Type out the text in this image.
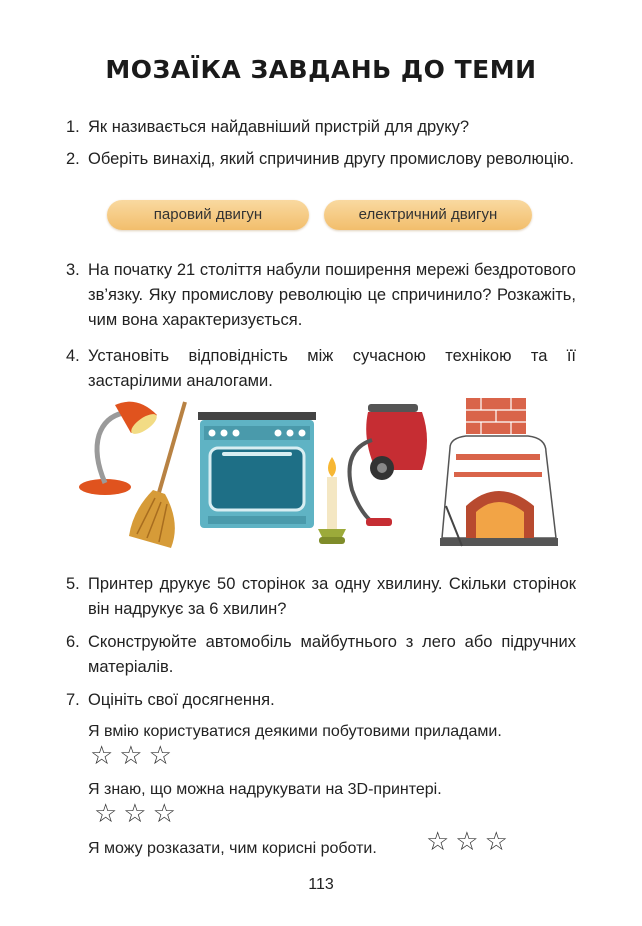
МОЗАЇКА ЗАВДАНЬ ДО ТЕМИ
1. Як називається найдавніший пристрій для друку?
2. Оберіть винахід, який спричинив другу промислову революцію.
паровий двигун	електричний двигун
3. На початку 21 століття набули поширення мережі бездротового зв’язку. Яку промислову революцію це спричинило? Розкажіть, чим вона характеризується.
4. Установіть відповідність між сучасною технікою та її застарілими аналогами.
5. Принтер друкує 50 сторінок за одну хвилину. Скільки сторінок він надрукує за 6 хвилин?
6. Сконструюйте автомобіль майбутнього з лего або підручних матеріалів.
7. Оцініть свої досягнення.
Я вмію користуватися деякими побутовими приладами.
☆☆☆
Я знаю, що можна надрукувати на 3D-принтері.
☆☆☆
Я можу розказати, чим корисні роботи. ☆☆☆
113
